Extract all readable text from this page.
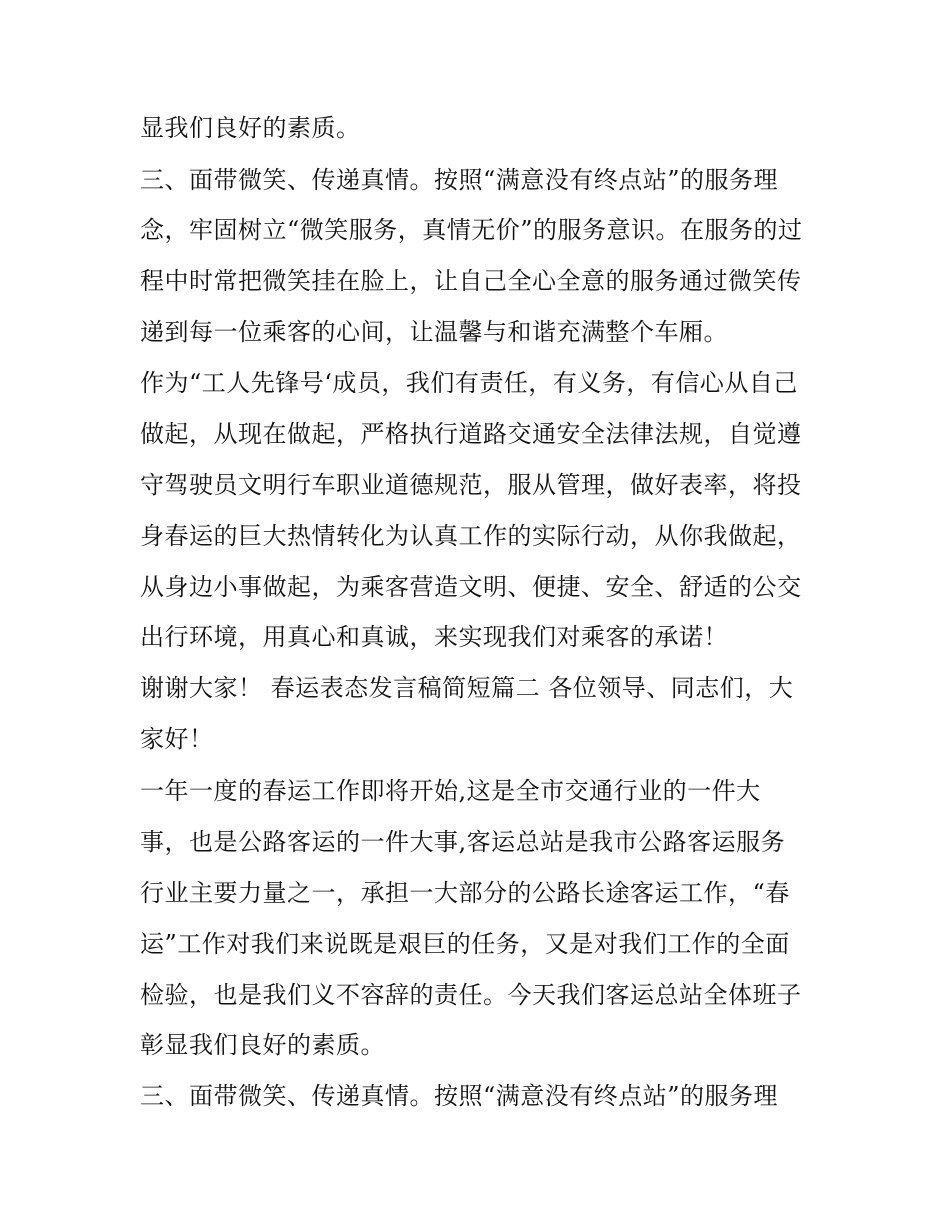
显我们良好的素质。
三、面带微笑、传递真情。按照“满意没有终点站”的服务理
念，牢固树立“微笑服务，真情无价”的服务意识。在服务的过
程中时常把微笑挂在脸上，让自己全心全意的服务通过微笑传
递到每一位乘客的心间，让温馨与和谐充满整个车厢。
作为“工人先锋号‘成员，我们有责任，有义务，有信心从自己
做起，从现在做起，严格执行道路交通安全法律法规，自觉遵
守驾驶员文明行车职业道德规范，服从管理，做好表率，将投
身春运的巨大热情转化为认真工作的实际行动，从你我做起，
从身边小事做起，为乘客营造文明、便捷、安全、舒适的公交
出行环境，用真心和真诚，来实现我们对乘客的承诺！
谢谢大家！ 春运表态发言稿简短篇二 各位领导、同志们，大
家好！
一年一度的春运工作即将开始,这是全市交通行业的一件大
事，也是公路客运的一件大事,客运总站是我市公路客运服务
行业主要力量之一，承担一大部分的公路长途客运工作，“春
运”工作对我们来说既是艰巨的任务，又是对我们工作的全面
检验，也是我们义不容辞的责任。今天我们客运总站全体班子
彰显我们良好的素质。
三、面带微笑、传递真情。按照“满意没有终点站”的服务理
